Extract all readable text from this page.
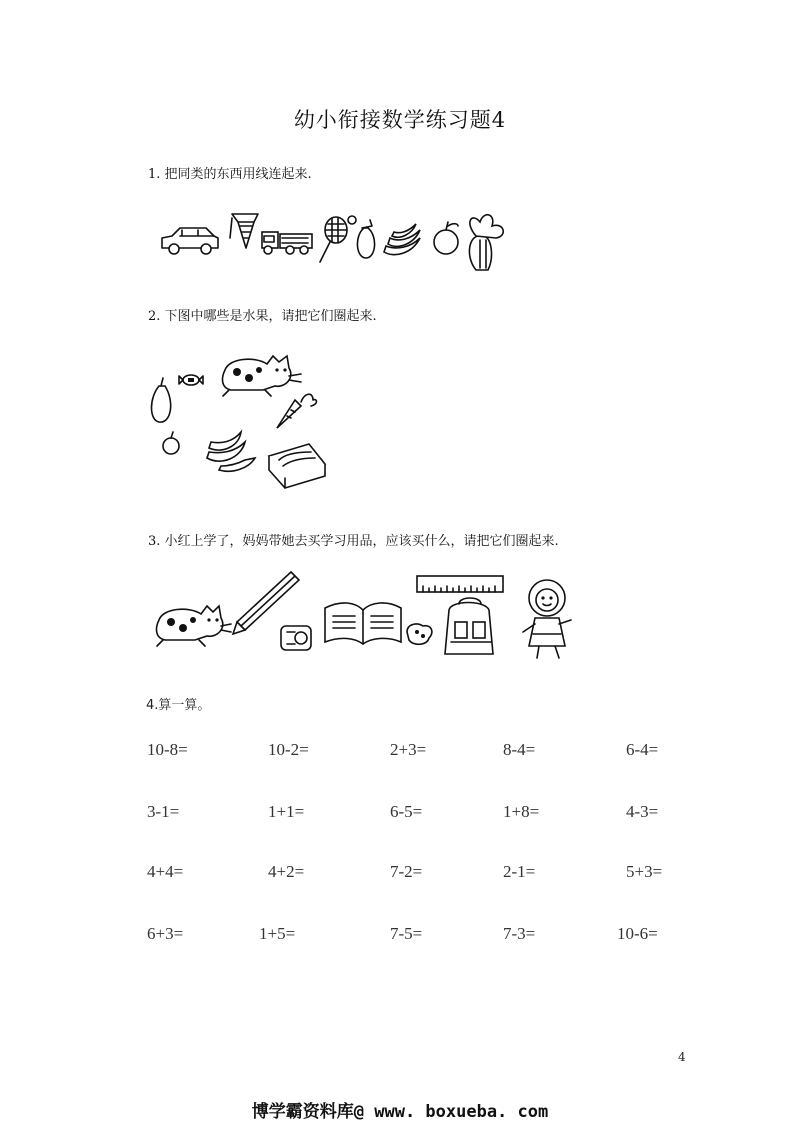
幼小衔接数学练习题4
1. 把同类的东西用线连起来.
2. 下图中哪些是水果，请把它们圈起来.
3. 小红上学了，妈妈带她去买学习用品，应该买什么，请把它们圈起来.
4.算一算。
10-8=	10-2=	2+3=	8-4=	6-4=
3-1=	1+1=	6-5=	1+8=	4-3=
4+4=	4+2=	7-2=	2-1=	5+3=
6+3=	1+5=	7-5=	7-3=	10-6=
4
博学霸资料库@ www. boxueba. com
